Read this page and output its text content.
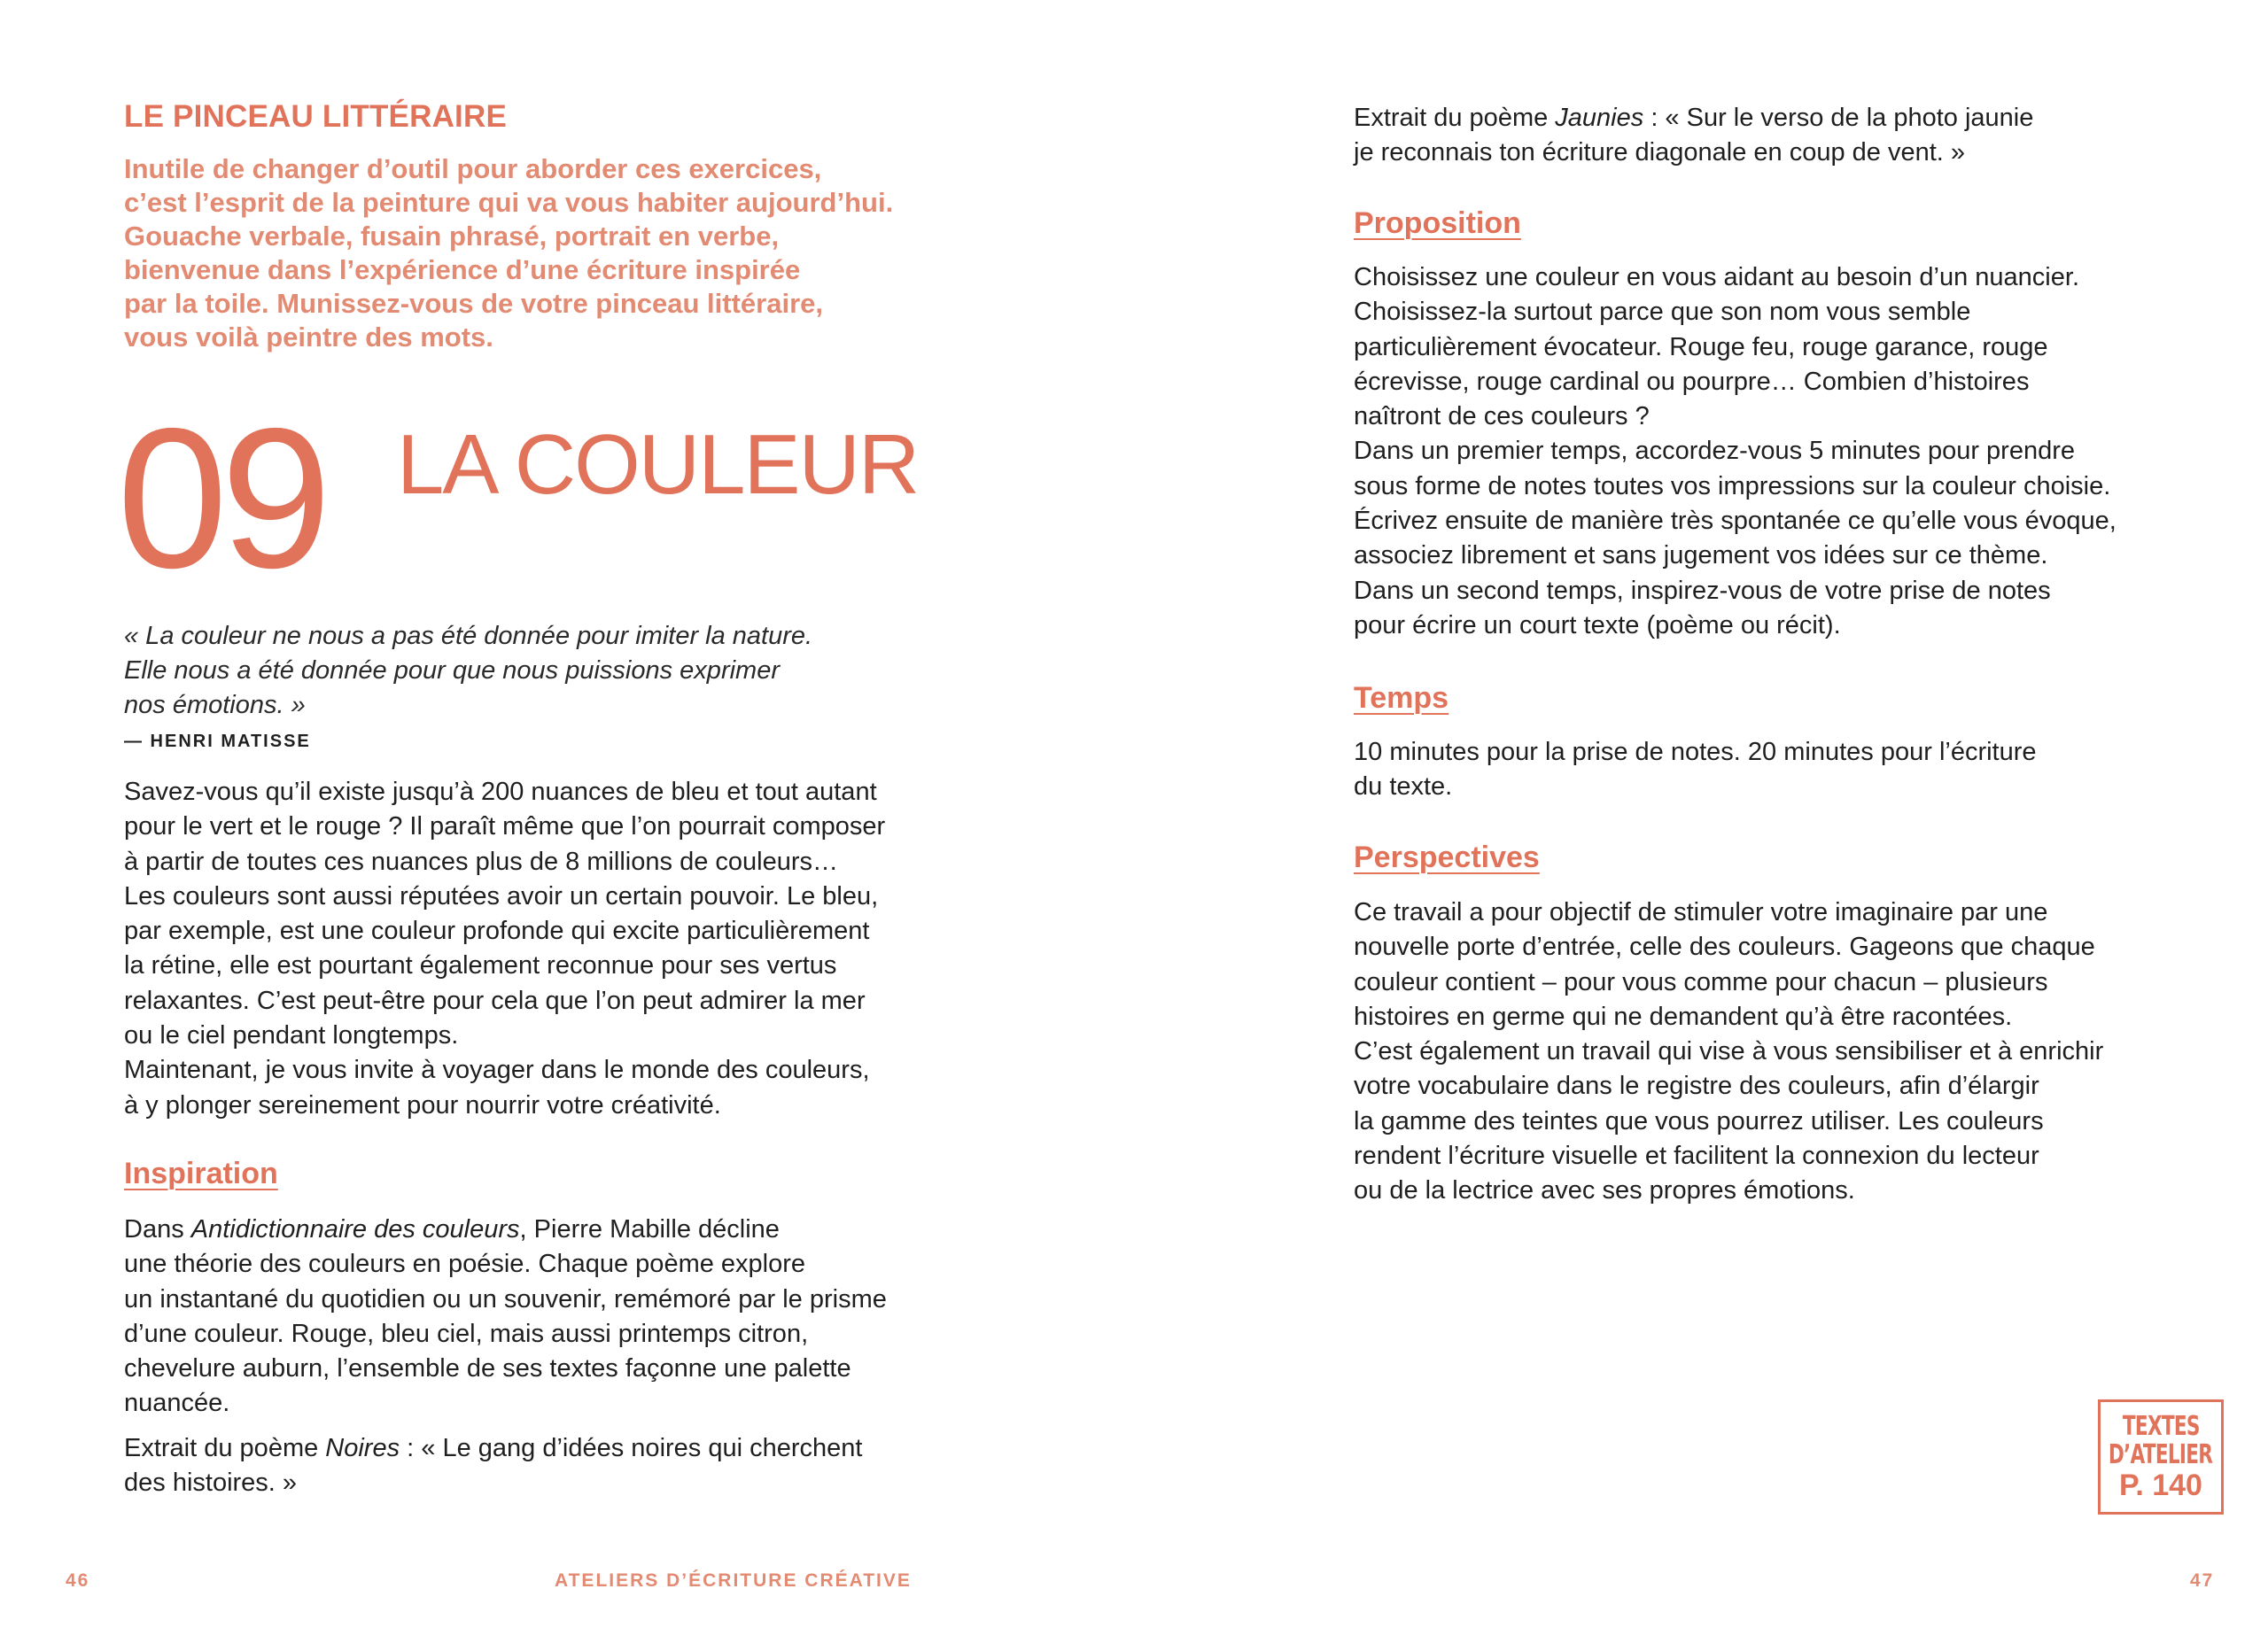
LE PINCEAU LITTÉRAIRE
Inutile de changer d’outil pour aborder ces exercices,
c’est l’esprit de la peinture qui va vous habiter aujourd’hui.
Gouache verbale, fusain phrasé, portrait en verbe,
bienvenue dans l’expérience d’une écriture inspirée
par la toile. Munissez-vous de votre pinceau littéraire,
vous voilà peintre des mots.
09 LA COULEUR
« La couleur ne nous a pas été donnée pour imiter la nature.
Elle nous a été donnée pour que nous puissions exprimer
nos émotions. »
— HENRI MATISSE
Savez-vous qu’il existe jusqu’à 200 nuances de bleu et tout autant
pour le vert et le rouge ? Il paraît même que l’on pourrait composer
à partir de toutes ces nuances plus de 8 millions de couleurs…
Les couleurs sont aussi réputées avoir un certain pouvoir. Le bleu,
par exemple, est une couleur profonde qui excite particulièrement
la rétine, elle est pourtant également reconnue pour ses vertus
relaxantes. C’est peut-être pour cela que l’on peut admirer la mer
ou le ciel pendant longtemps.
Maintenant, je vous invite à voyager dans le monde des couleurs,
à y plonger sereinement pour nourrir votre créativité.
Inspiration
Dans Antidictionnaire des couleurs, Pierre Mabille décline
une théorie des couleurs en poésie. Chaque poème explore
un instantané du quotidien ou un souvenir, remémoré par le prisme
d’une couleur. Rouge, bleu ciel, mais aussi printemps citron,
chevelure auburn, l’ensemble de ses textes façonne une palette
nuancée.
Extrait du poème Noires : « Le gang d’idées noires qui cherchent
des histoires. »
Extrait du poème Jaunies : « Sur le verso de la photo jaunie
je reconnais ton écriture diagonale en coup de vent. »
Proposition
Choisissez une couleur en vous aidant au besoin d’un nuancier.
Choisissez-la surtout parce que son nom vous semble
particulièrement évocateur. Rouge feu, rouge garance, rouge
écrevisse, rouge cardinal ou pourpre… Combien d’histoires
naîtront de ces couleurs ?
Dans un premier temps, accordez-vous 5 minutes pour prendre
sous forme de notes toutes vos impressions sur la couleur choisie.
Écrivez ensuite de manière très spontanée ce qu’elle vous évoque,
associez librement et sans jugement vos idées sur ce thème.
Dans un second temps, inspirez-vous de votre prise de notes
pour écrire un court texte (poème ou récit).
Temps
10 minutes pour la prise de notes. 20 minutes pour l’écriture
du texte.
Perspectives
Ce travail a pour objectif de stimuler votre imaginaire par une
nouvelle porte d’entrée, celle des couleurs. Gageons que chaque
couleur contient – pour vous comme pour chacun – plusieurs
histoires en germe qui ne demandent qu’à être racontées.
C’est également un travail qui vise à vous sensibiliser et à enrichir
votre vocabulaire dans le registre des couleurs, afin d’élargir
la gamme des teintes que vous pourrez utiliser. Les couleurs
rendent l’écriture visuelle et facilitent la connexion du lecteur
ou de la lectrice avec ses propres émotions.
TEXTES
D’ATELIER
P. 140
46	ATELIERS D’ÉCRITURE CRÉATIVE	47
